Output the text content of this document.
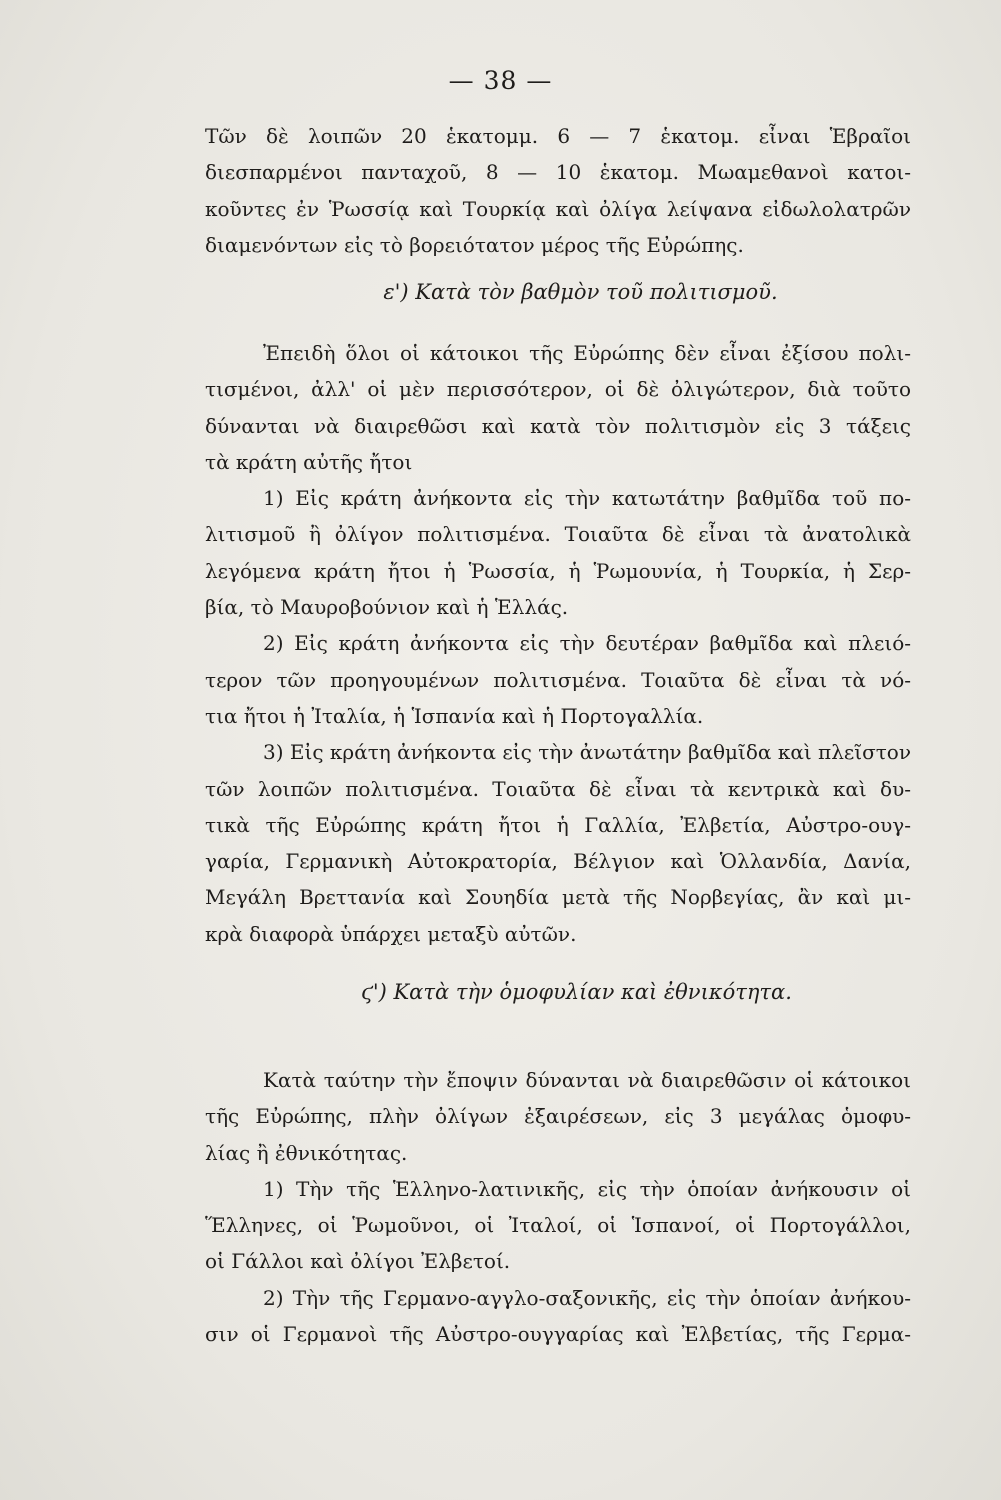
— 38 —

Τῶν δὲ λοιπῶν 20 ἑκατομμ. 6 — 7 ἑκατομ. εἶναι Ἑβραῖοι

διεσπαρμένοι πανταχοῦ, 8 — 10 ἑκατομ. Μωαμεθανοὶ κατοι-

κοῦντες ἐν Ῥωσσίᾳ καὶ Τουρκίᾳ καὶ ὀλίγα λείψανα εἰδωλολατρῶν

διαμενόντων εἰς τὸ βορειότατον μέρος τῆς Εὐρώπης.

ε') Κατὰ τὸν βαθμὸν τοῦ πολιτισμοῦ.

Ἐπειδὴ ὅλοι οἱ κάτοικοι τῆς Εὐρώπης δὲν εἶναι ἐξίσου πολι-

τισμένοι, ἀλλ' οἱ μὲν περισσότερον, οἱ δὲ ὀλιγώτερον, διὰ τοῦτο

δύνανται νὰ διαιρεθῶσι καὶ κατὰ τὸν πολιτισμὸν εἰς 3 τάξεις

τὰ κράτη αὐτῆς ἤτοι

1) Εἰς κράτη ἀνήκοντα εἰς τὴν κατωτάτην βαθμῖδα τοῦ πο-

λιτισμοῦ ἢ ὀλίγον πολιτισμένα. Τοιαῦτα δὲ εἶναι τὰ ἀνατολικὰ

λεγόμενα κράτη ἤτοι ἡ Ῥωσσία, ἡ Ῥωμουνία, ἡ Τουρκία, ἡ Σερ-

βία, τὸ Μαυροβούνιον καὶ ἡ Ἑλλάς.

2) Εἰς κράτη ἀνήκοντα εἰς τὴν δευτέραν βαθμῖδα καὶ πλειό-

τερον τῶν προηγουμένων πολιτισμένα. Τοιαῦτα δὲ εἶναι τὰ νό-

τια ἤτοι ἡ Ἰταλία, ἡ Ἱσπανία καὶ ἡ Πορτογαλλία.

3) Εἰς κράτη ἀνήκοντα εἰς τὴν ἀνωτάτην βαθμῖδα καὶ πλεῖστον

τῶν λοιπῶν πολιτισμένα. Τοιαῦτα δὲ εἶναι τὰ κεντρικὰ καὶ δυ-

τικὰ τῆς Εὐρώπης κράτη ἤτοι ἡ Γαλλία, Ἐλβετία, Αὐστρο-ουγ-

γαρία, Γερμανικὴ Αὐτοκρατορία, Βέλγιον καὶ Ὁλλανδία, Δανία,

Μεγάλη Βρεττανία καὶ Σουηδία μετὰ τῆς Νορβεγίας, ἂν καὶ μι-

κρὰ διαφορὰ ὑπάρχει μεταξὺ αὐτῶν.

ϛ') Κατὰ τὴν ὁμοφυλίαν καὶ ἐθνικότητα.

Κατὰ ταύτην τὴν ἔποψιν δύνανται νὰ διαιρεθῶσιν οἱ κάτοικοι

τῆς Εὐρώπης, πλὴν ὀλίγων ἐξαιρέσεων, εἰς 3 μεγάλας ὁμοφυ-

λίας ἢ ἐθνικότητας.

1) Τὴν τῆς Ἑλληνο-λατινικῆς, εἰς τὴν ὁποίαν ἀνήκουσιν οἱ

Ἕλληνες, οἱ Ῥωμοῦνοι, οἱ Ἰταλοί, οἱ Ἱσπανοί, οἱ Πορτογάλλοι,

οἱ Γάλλοι καὶ ὀλίγοι Ἐλβετοί.

2) Τὴν τῆς Γερμανο-αγγλο-σαξονικῆς, εἰς τὴν ὁποίαν ἀνήκου-

σιν οἱ Γερμανοὶ τῆς Αὐστρο-ουγγαρίας καὶ Ἐλβετίας, τῆς Γερμα-
